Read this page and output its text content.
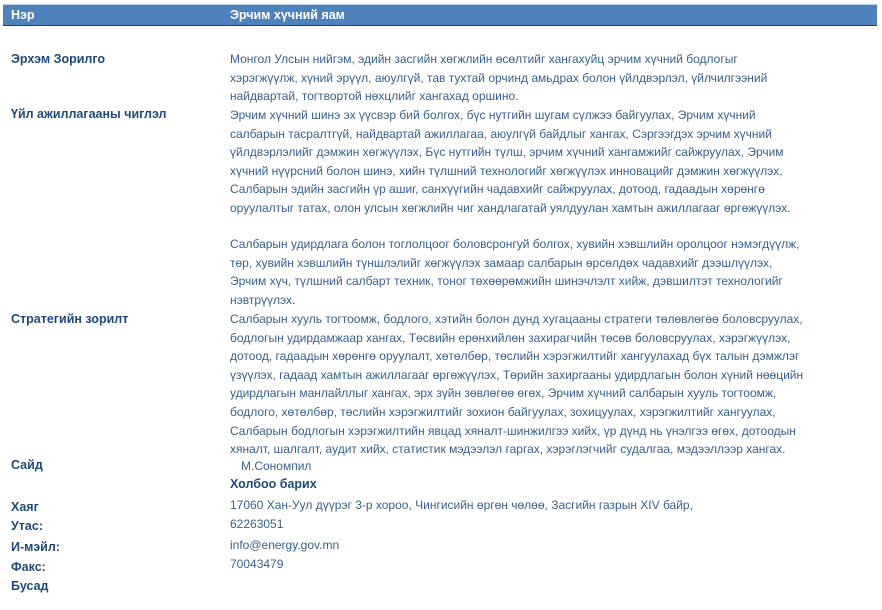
Нэр	Эрчим хүчний яам
Эрхэм Зорилго	Монгол Улсын нийгэм, эдийн засгийн хөгжлийн өсөлтийг хангахуйц эрчим хүчний бодлогыг
хэрэгжүүлж, хүний эрүүл, аюулгүй, тав тухтай орчинд амьдрах болон үйлдвэрлэл, үйлчилгээний
найдвартай, тогтвортой нөхцлийг хангахад оршино.
Үйл ажиллагааны чиглэл	Эрчим хүчний шинэ эх үүсвэр бий болгох, бүс нутгийн шугам сүлжээ байгуулах, Эрчим хүчний
салбарын тасралтгүй, найдвартай ажиллагаа, аюулгүй байдлыг хангах, Сэргээгдэх эрчим хүчний
үйлдвэрлэлийг дэмжин хөгжүүлэх, Бүс нутгийн түлш, эрчим хүчний хангамжийг сайжруулах, Эрчим
хүчний нүүрсний болон шинэ, хийн түлшний технологийг хөгжүүлэх инновацийг дэмжин хөгжүүлэх,
Салбарын эдийн засгийн үр ашиг, санхүүгийн чадавхийг сайжруулах, дотоод, гадаадын хөрөнгө
оруулалтыг татах, олон улсын хөгжлийн чиг хандлагатай уялдуулан хамтын ажиллагааг өргөжүүлэх.
Салбарын удирдлага болон тоглолцоог боловсронгуй болгох, хувийн хэвшлийн оролцоог нэмэгдүүлж,
төр, хувийн хэвшлийн түншлэлийг хөгжүүлэх замаар салбарын өрсөлдөх чадавхийг дээшлүүлэх,
Эрчим хүч, түлшний салбарт техник, тоног төхөөрөмжийн шинэчлэлт хийж, дэвшилтэт технологийг
нэвтрүүлэх.
Стратегийн зорилт	Салбарын хууль тогтоомж, бодлого, хэтийн болон дунд хугацааны стратеги төлөвлөгөө боловсруулах,
бодлогын удирдамжаар хангах, Төсвийн ерөнхийлөн захирагчийн төсөв боловсруулах, хэрэгжүүлэх,
дотоод, гадаадын хөрөнгө оруулалт, хөтөлбөр, төслийн хэрэгжилтийг хангуулахад бүх талын дэмжлэг
үзүүлэх, гадаад хамтын ажиллагааг өргөжүүлэх, Төрийн захиргааны удирдлагын болон хүний нөөцийн
удирдлагын манлайллыг хангах, эрх зүйн зөвлөгөө өгөх, Эрчим хүчний салбарын хууль тогтоомж,
бодлого, хөтөлбөр, төслийн хэрэгжилтийг зохион байгуулах, зохицуулах, хэрэгжилтийг хангуулах,
Салбарын бодлогын хэрэгжилтийн явцад хяналт-шинжилгээ хийх, үр дүнд нь үнэлгээ өгөх, дотоодын
хяналт, шалгалт, аудит хийх, статистик мэдээлэл гаргах, хэрэглэгчийг судалгаа, мэдээллээр хангах.
Сайд	М.Сономпил
Холбоо барих
Хаяг	17060 Хан-Уул дүүрэг 3-р хороо, Чингисийн өргөн чөлөө, Засгийн газрын XIV байр,
Утас:	62263051
И-мэйл:	info@energy.gov.mn
Факс:	70043479
Бусад
